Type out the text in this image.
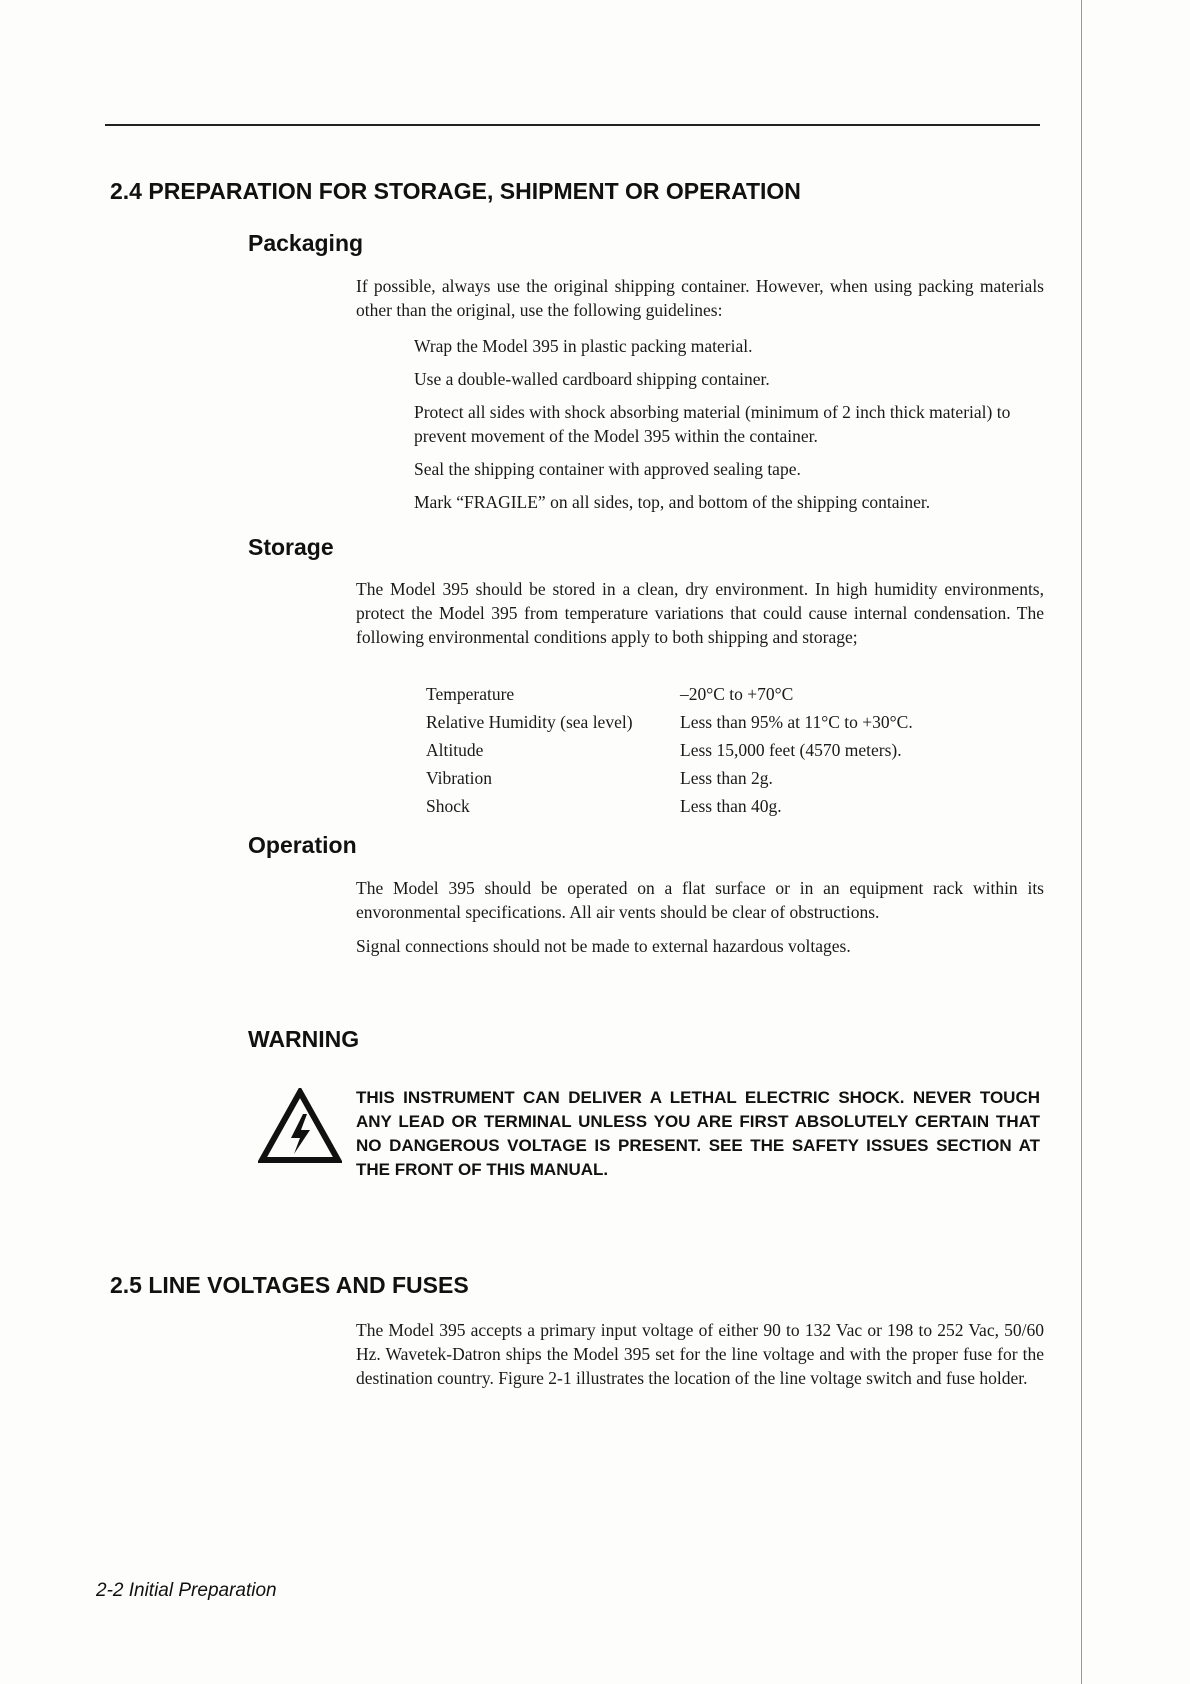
2.4 PREPARATION FOR STORAGE, SHIPMENT OR OPERATION
Packaging

If possible, always use the original shipping container. However, when using packing materials other than the original, use the following guidelines:

Wrap the Model 395 in plastic packing material.
Use a double-walled cardboard shipping container.
Protect all sides with shock absorbing material (minimum of 2 inch thick material) to prevent movement of the Model 395 within the container.
Seal the shipping container with approved sealing tape.
Mark “FRAGILE” on all sides, top, and bottom of the shipping container.
Storage

The Model 395 should be stored in a clean, dry environment. In high humidity environments, protect the Model 395 from temperature variations that could cause internal condensation. The following environmental conditions apply to both shipping and storage;

Temperature	–20°C to +70°C
Relative Humidity (sea level)	Less than 95% at 11°C to +30°C.
Altitude	Less 15,000 feet (4570 meters).
Vibration	Less than 2g.
Shock	Less than 40g.
Operation

The Model 395 should be operated on a flat surface or in an equipment rack within its envoronmental specifications. All air vents should be clear of obstructions.

Signal connections should not be made to external hazardous voltages.

WARNING

THIS INSTRUMENT CAN DELIVER A LETHAL ELECTRIC SHOCK. NEVER TOUCH ANY LEAD OR TERMINAL UNLESS YOU ARE FIRST ABSOLUTELY CERTAIN THAT NO DANGEROUS VOLTAGE IS PRESENT. SEE THE SAFETY ISSUES SECTION AT THE FRONT OF THIS MANUAL.

2.5 LINE VOLTAGES AND FUSES

The Model 395 accepts a primary input voltage of either 90 to 132 Vac or 198 to 252 Vac, 50/60 Hz. Wavetek-Datron ships the Model 395 set for the line voltage and with the proper fuse for the destination country. Figure 2-1 illustrates the location of the line voltage switch and fuse holder.

2-2 Initial Preparation
